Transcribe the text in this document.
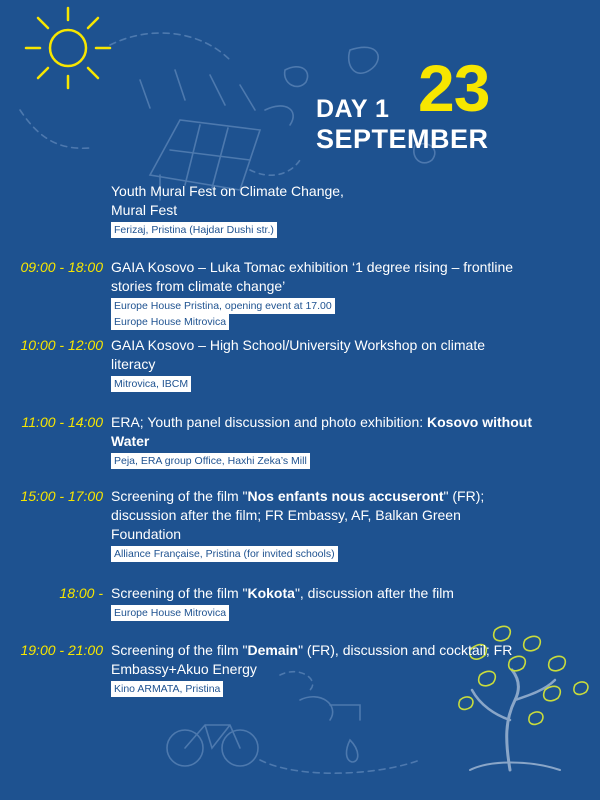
DAY 1 23
SEPTEMBER
Youth Mural Fest on Climate Change, Mural Fest
Ferizaj, Pristina (Hajdar Dushi str.)
09:00 - 18:00 GAIA Kosovo – Luka Tomac exhibition ‘1 degree rising – frontline stories from climate change’
Europe House Pristina, opening event at 17.00
Europe House Mitrovica
10:00 - 12:00 GAIA Kosovo – High School/University Workshop on climate literacy
Mitrovica, IBCM
11:00 - 14:00 ERA; Youth panel discussion and photo exhibition: Kosovo without Water
Peja, ERA group Office, Haxhi Zeka’s Mill
15:00 - 17:00 Screening of the film "Nos enfants nous accuseront" (FR); discussion after the film; FR Embassy, AF, Balkan Green Foundation
Alliance Française, Pristina (for invited schools)
18:00 - Screening of the film "Kokota", discussion after the film
Europe House Mitrovica
19:00 - 21:00 Screening of the film "Demain" (FR), discussion and cocktail; FR Embassy+Akuo Energy
Kino ARMATA, Pristina
